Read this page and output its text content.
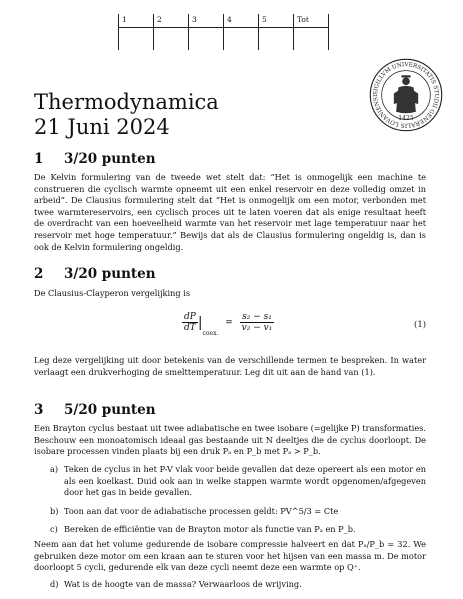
1	2	3	4	5	Tot

SIGILLVM UNIVERSITATIS STUDII GENERALIS LOVANIENSI
1425
Thermodynamica
21 Juni 2024
1 3/20 punten

De Kelvin formulering van de tweede wet stelt dat: “Het is onmogelijk een machine te construeren die cyclisch warmte opneemt uit een enkel reservoir en deze volledig omzet in arbeid”. De Clausius formulering stelt dat “Het is onmogelijk om een motor, verbonden met twee warmtereservoirs, een cyclisch proces uit te laten voeren dat als enige resultaat heeft de overdracht van een hoeveelheid warmte van het reservoir met lage temperatuur naar het reservoir met hoge temperatuur.” Bewijs dat als de Clausius formulering ongeldig is, dan is ook de Kelvin formulering ongeldig.

2 3/20 punten

De Clausius-Clayperon vergelijking is

$\frac{dP}{dT} |_{coex.} = \frac{\text{s₂ − s₁}}{\text{v₂ − v₁}}$	(1)

Leg deze vergelijking uit door betekenis van de verschillende termen te bespreken. In water verlaagt een drukverhoging de smelttemperatuur. Leg dit uit aan de hand van (1).

3 5/20 punten

Een Brayton cyclus bestaat uit twee adiabatische en twee isobare (=gelijke P) transformaties. Beschouw een monoatomisch ideaal gas bestaande uit N deeltjes die de cyclus doorloopt. De isobare processen vinden plaats bij een druk Pₐ en P_b met Pₐ > P_b.

a) Teken de cyclus in het P-V vlak voor beide gevallen dat deze opereert als een motor en als een koelkast. Duid ook aan in welke stappen warmte wordt opgenomen/afgegeven door het gas in beide gevallen.
b) Toon aan dat voor de adiabatische processen geldt: PV^5/3 = Cte
c) Bereken de efficiëntie van de Brayton motor als functie van Pₐ en P_b.

Neem aan dat het volume gedurende de isobare compressie halveert en dat Pₐ/P_b = 32. We gebruiken deze motor om een kraan aan te sturen voor het hijsen van een massa m. De motor doorloopt 5 cycli, gedurende elk van deze cycli neemt deze een warmte op Q⁺.

d) Wat is de hoogte van de massa? Verwaarloos de wrijving.
